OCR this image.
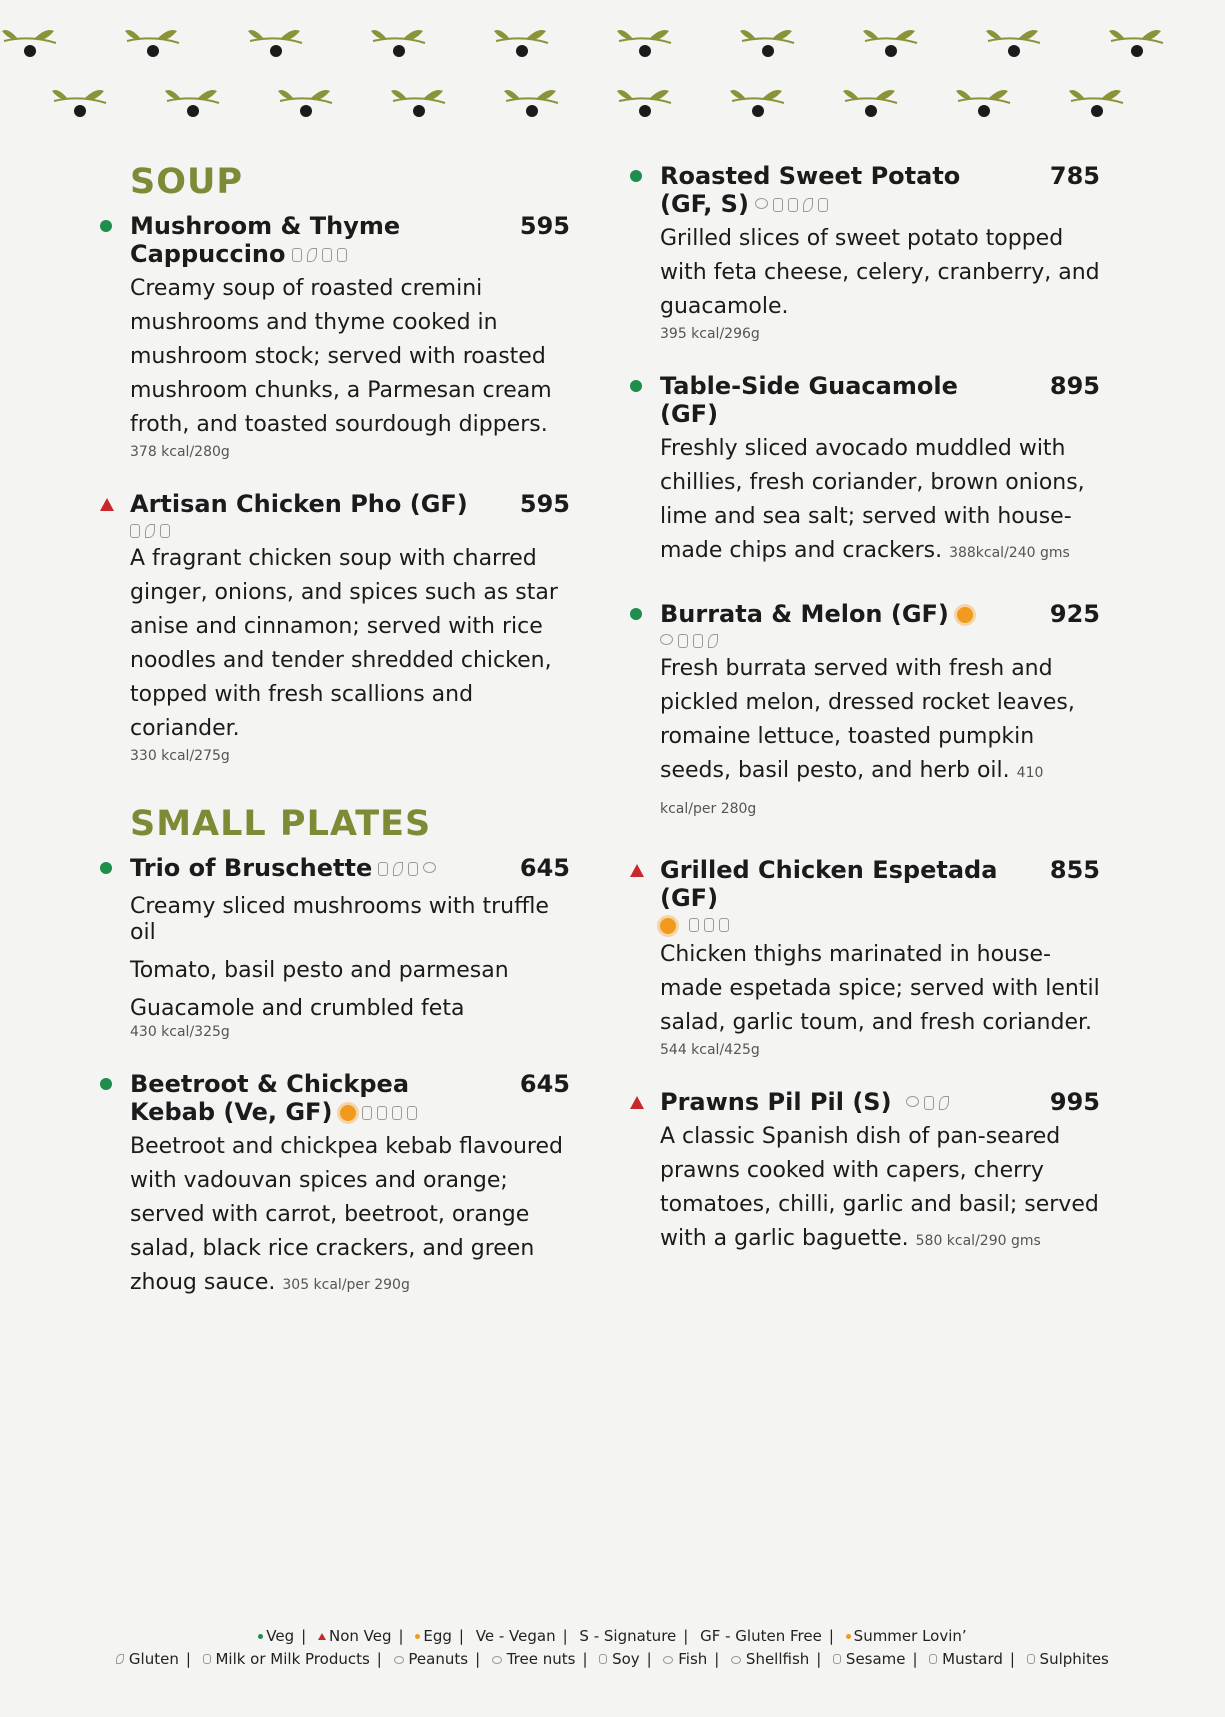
SOUP
Mushroom & Thyme Cappuccino
595
Creamy soup of roasted cremini mushrooms and thyme cooked in mushroom stock; served with roasted mushroom chunks, a Parmesan cream froth, and toasted sourdough dippers.
378 kcal/280g
Artisan Chicken Pho (GF) 595
A fragrant chicken soup with charred ginger, onions, and spices such as star anise and cinnamon; served with rice noodles and tender shredded chicken, topped with fresh scallions and coriander.
330 kcal/275g
SMALL PLATES
Trio of Bruschette	645
Creamy sliced mushrooms with truffle oil
Tomato, basil pesto and parmesan
Guacamole and crumbled feta
430 kcal/325g
Beetroot & Chickpea Kebab (Ve, GF)
645
Beetroot and chickpea kebab flavoured with vadouvan spices and orange; served with carrot, beetroot, orange salad, black rice crackers, and green zhoug sauce. 305 kcal/per 290g
Roasted Sweet Potato (GF, S)
785
Grilled slices of sweet potato topped with feta cheese, celery, cranberry, and guacamole.
395 kcal/296g
Table-Side Guacamole (GF)
895
Freshly sliced avocado muddled with chillies, fresh coriander, brown onions, lime and sea salt; served with house-made chips and crackers. 388kcal/240 gms
Burrata & Melon (GF)	925
Fresh burrata served with fresh and pickled melon, dressed rocket leaves, romaine lettuce, toasted pumpkin seeds, basil pesto, and herb oil. 410 kcal/per 280g
Grilled Chicken Espetada (GF)
855
Chicken thighs marinated in house-made espetada spice; served with lentil salad, garlic toum, and fresh coriander.
544 kcal/425g
Prawns Pil Pil (S)	995
A classic Spanish dish of pan-seared prawns cooked with capers, cherry tomatoes, chilli, garlic and basil; served with a garlic baguette. 580 kcal/290 gms
Veg | Non Veg | Egg | Ve - Vegan | S - Signature | GF - Gluten Free | Summer Lovin’
Gluten | Milk or Milk Products | Peanuts | Tree nuts | Soy | Fish | Shellfish | Sesame | Mustard | Sulphites
